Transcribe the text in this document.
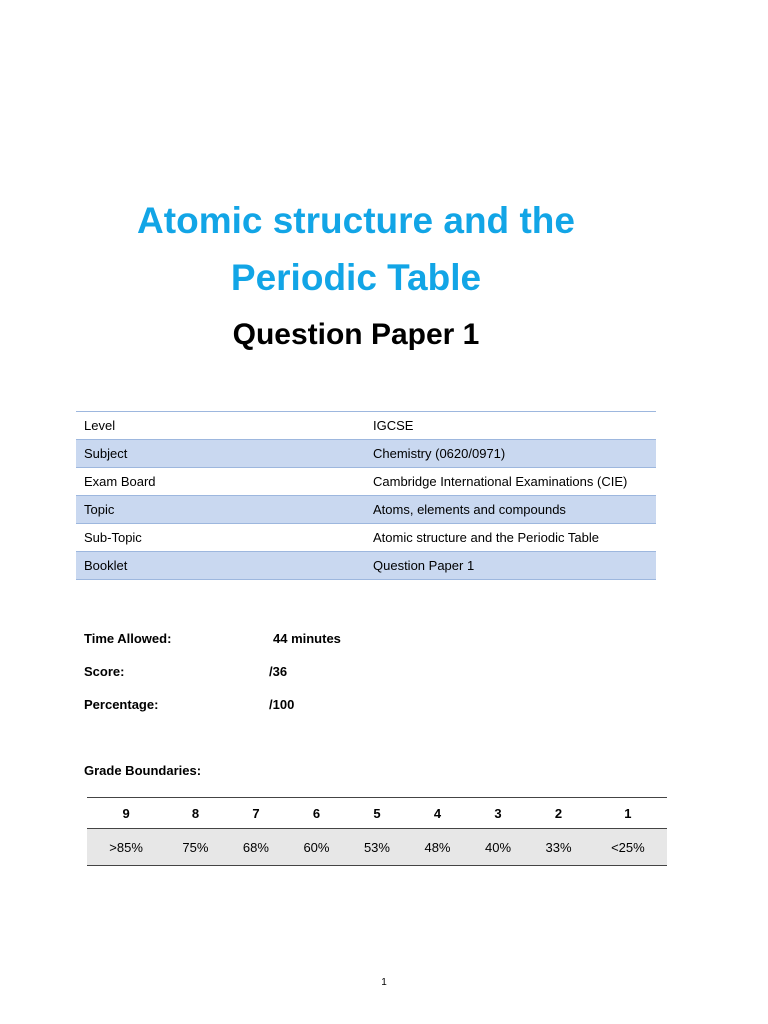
Atomic structure and the
Periodic Table
Question Paper 1
Level	IGCSE
Subject	Chemistry (0620/0971)
Exam Board	Cambridge International Examinations (CIE)
Topic	Atoms, elements and compounds
Sub-Topic	Atomic structure and the Periodic Table
Booklet	Question Paper 1
Time Allowed:	44 minutes
Score:	/36
Percentage:	/100
Grade Boundaries:
9	8	7	6	5	4	3	2	1
>85%	75%	68%	60%	53%	48%	40%	33%	<25%
1
